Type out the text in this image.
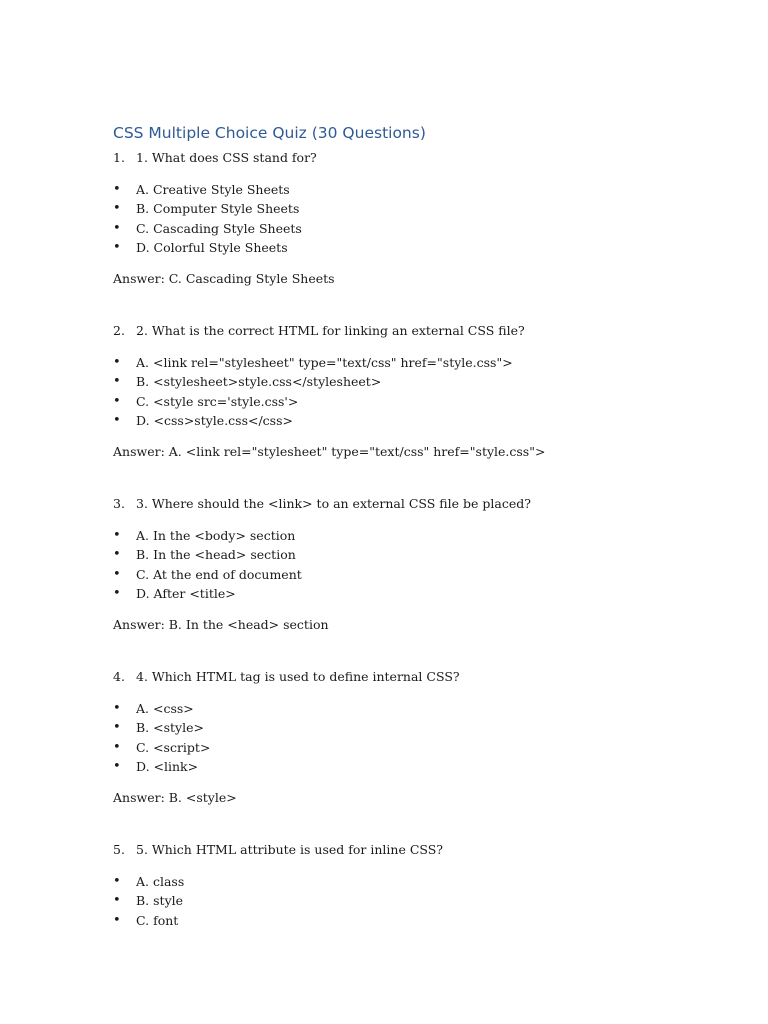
CSS Multiple Choice Quiz (30 Questions)
1. 1. What does CSS stand for?
• A. Creative Style Sheets
• B. Computer Style Sheets
• C. Cascading Style Sheets
• D. Colorful Style Sheets
Answer: C. Cascading Style Sheets
2. 2. What is the correct HTML for linking an external CSS file?
• A. <link rel="stylesheet" type="text/css" href="style.css">
• B. <stylesheet>style.css</stylesheet>
• C. <style src='style.css'>
• D. <css>style.css</css>
Answer: A. <link rel="stylesheet" type="text/css" href="style.css">
3. 3. Where should the <link> to an external CSS file be placed?
• A. In the <body> section
• B. In the <head> section
• C. At the end of document
• D. After <title>
Answer: B. In the <head> section
4. 4. Which HTML tag is used to define internal CSS?
• A. <css>
• B. <style>
• C. <script>
• D. <link>
Answer: B. <style>
5. 5. Which HTML attribute is used for inline CSS?
• A. class
• B. style
• C. font
